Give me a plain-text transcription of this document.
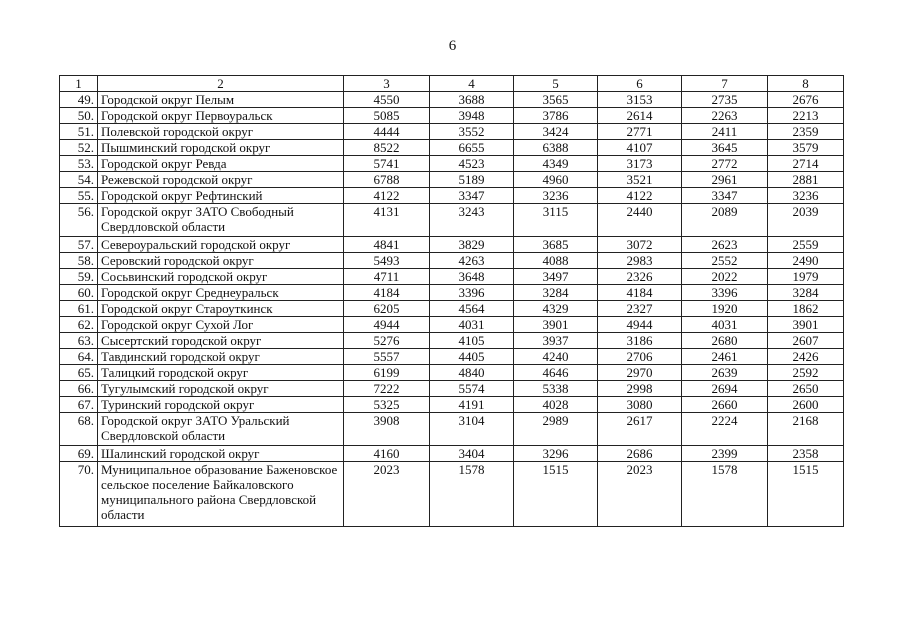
6
1	2	3	4	5	6	7	8
49.	Городской округ Пелым	4550	3688	3565	3153	2735	2676
50.	Городской округ Первоуральск	5085	3948	3786	2614	2263	2213
51.	Полевской городской округ	4444	3552	3424	2771	2411	2359
52.	Пышминский городской округ	8522	6655	6388	4107	3645	3579
53.	Городской округ Ревда	5741	4523	4349	3173	2772	2714
54.	Режевской городской округ	6788	5189	4960	3521	2961	2881
55.	Городской округ Рефтинский	4122	3347	3236	4122	3347	3236
56.	Городской округ ЗАТО Свободный Свердловской области	4131	3243	3115	2440	2089	2039
57.	Североуральский городской округ	4841	3829	3685	3072	2623	2559
58.	Серовский городской округ	5493	4263	4088	2983	2552	2490
59.	Сосьвинский городской округ	4711	3648	3497	2326	2022	1979
60.	Городской округ Среднеуральск	4184	3396	3284	4184	3396	3284
61.	Городской округ Староуткинск	6205	4564	4329	2327	1920	1862
62.	Городской округ Сухой Лог	4944	4031	3901	4944	4031	3901
63.	Сысертский городской округ	5276	4105	3937	3186	2680	2607
64.	Тавдинский городской округ	5557	4405	4240	2706	2461	2426
65.	Талицкий городской округ	6199	4840	4646	2970	2639	2592
66.	Тугулымский городской округ	7222	5574	5338	2998	2694	2650
67.	Туринский городской округ	5325	4191	4028	3080	2660	2600
68.	Городской округ ЗАТО Уральский Свердловской области	3908	3104	2989	2617	2224	2168
69.	Шалинский городской округ	4160	3404	3296	2686	2399	2358
70.	Муниципальное образование Баженовское сельское поселение Байкаловского муниципального района Свердловской области	2023	1578	1515	2023	1578	1515
